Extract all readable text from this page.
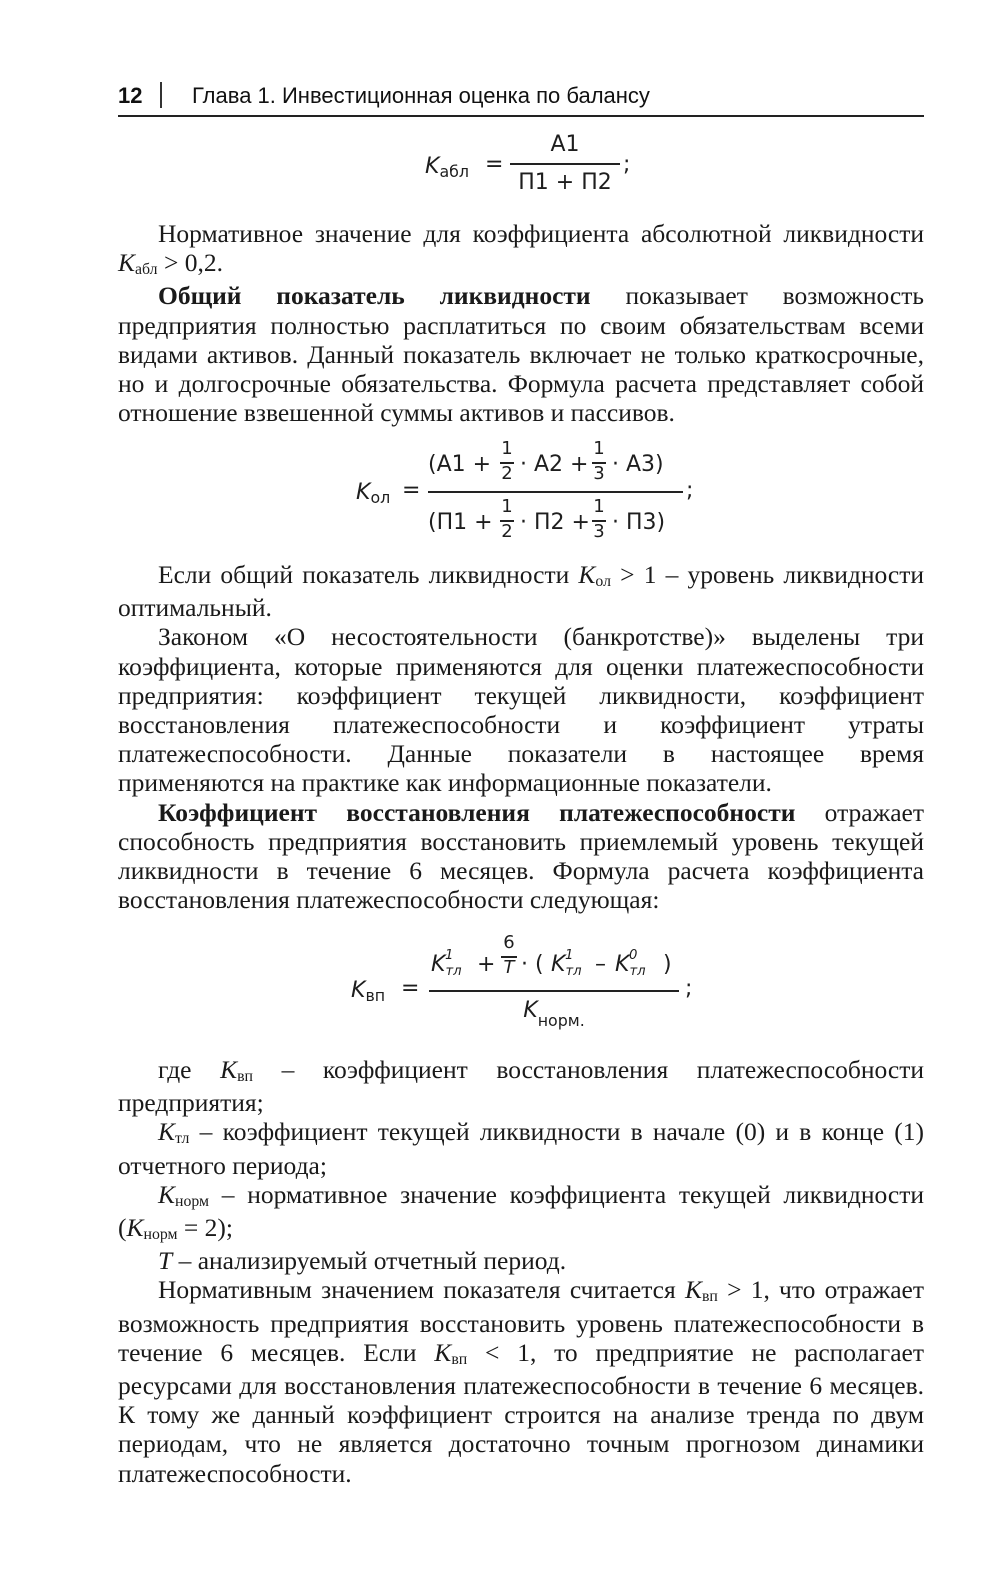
12 Глава 1. Инвестиционная оценка по балансу
$K_{абл}$ =
A1
П1 + П2
;

Нормативное значение для коэффициента абсолютной ликвидности $K_{абл} > 0,2$.

Общий показатель ликвидности показывает возможность предприятия полностью расплатиться по своим обязательствам всеми видами активов. Данный показатель включает не только краткосрочные, но и долгосрочные обязательства. Формула расчета представляет собой отношение взвешенной суммы активов и пассивов.

$K_{ол}$ =
(A1 +
1
2 · A2 +
1
3 · A3)
(П1 +
1
2 · П2 +
1
3 · П3)
;

Если общий показатель ликвидности $K_{ол} > 1$ – уровень ликвидности оптимальный.

Законом «О несостоятельности (банкротстве)» выделены три коэффициента, которые применяются для оценки платежеспособности предприятия: коэффициент текущей ликвидности, коэффициент восстановления платежеспособности и коэффициент утраты платежеспособности. Данные показатели в настоящее время применяются на практике как информационные показатели.

Коэффициент восстановления платежеспособности отражает способность предприятия восстановить приемлемый уровень текущей ликвидности в течение 6 месяцев. Формула расчета коэффициента восстановления платежеспособности следующая:

$K_{вп}$ =
$K_{тл}$
1 +
6
T · ( $K_{тл}$
$1 - K_{тл}$
0 )
$K_{норм.}$
;

где $K_{вп}$ – коэффициент восстановления платежеспособности предприятия;

$K_{тл}$ – коэффициент текущей ликвидности в начале (0) и в конце (1) отчетного периода;

$K_{норм}$ – нормативное значение коэффициента текущей ликвидности $(K_{норм} = 2)$;

T – анализируемый отчетный период.

Нормативным значением показателя считается $K_{вп} > 1$, что отражает возможность предприятия восстановить уровень платежеспособности в течение 6 месяцев. Если $K_{вп} < 1$, то предприятие не располагает ресурсами для восстановления платежеспособности в течение 6 месяцев. К тому же данный коэффициент строится на анализе тренда по двум периодам, что не является достаточно точным прогнозом динамики платежеспособности.
